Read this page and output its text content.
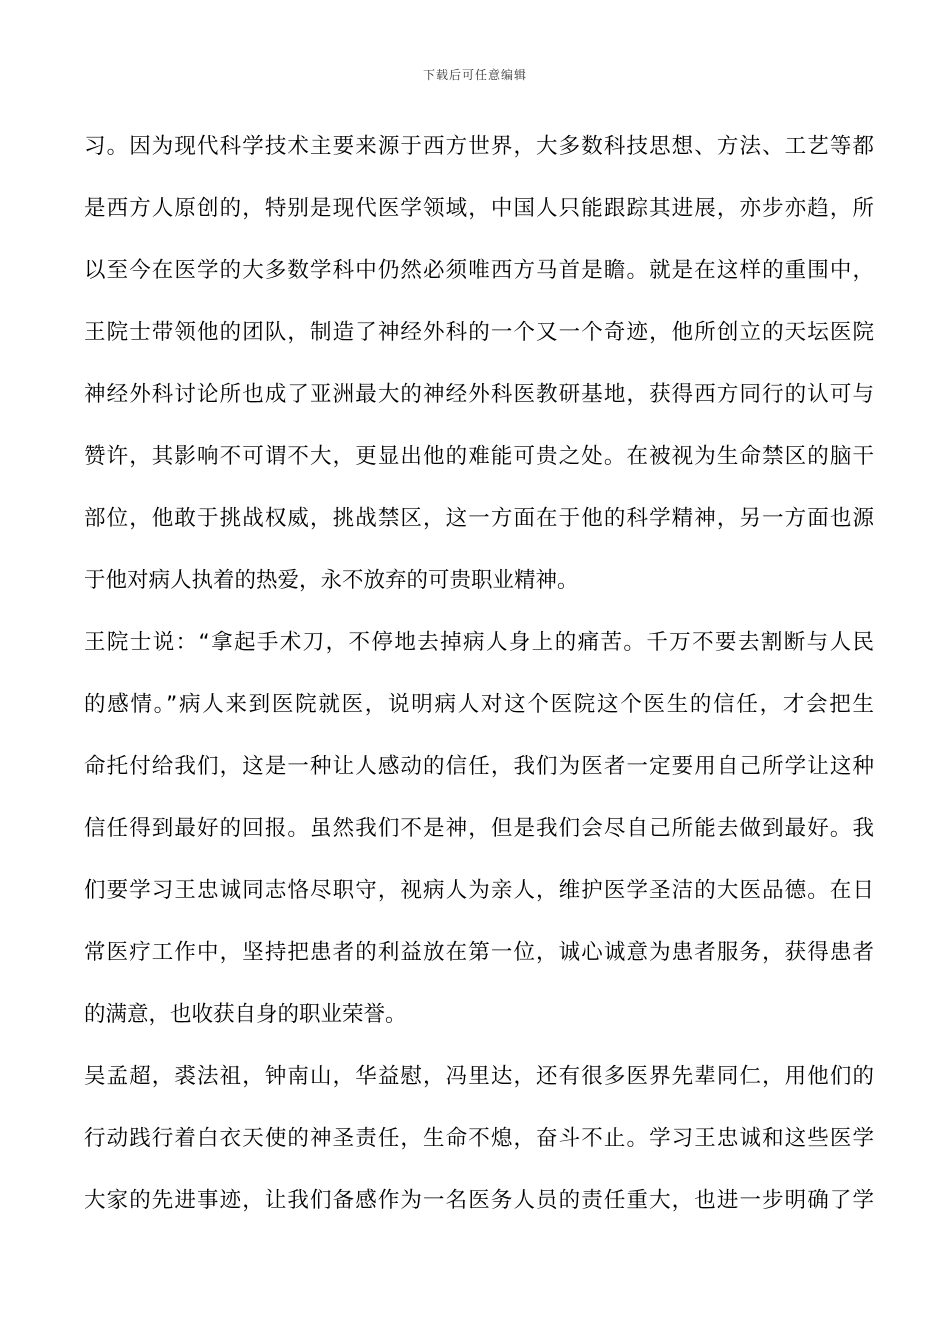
下载后可任意编辑
习。因为现代科学技术主要来源于西方世界，大多数科技思想、方法、工艺等都
是西方人原创的，特别是现代医学领域，中国人只能跟踪其进展，亦步亦趋，所
以至今在医学的大多数学科中仍然必须唯西方马首是瞻。就是在这样的重围中，
王院士带领他的团队，制造了神经外科的一个又一个奇迹，他所创立的天坛医院
神经外科讨论所也成了亚洲最大的神经外科医教研基地，获得西方同行的认可与
赞许，其影响不可谓不大，更显出他的难能可贵之处。在被视为生命禁区的脑干
部位，他敢于挑战权威，挑战禁区，这一方面在于他的科学精神，另一方面也源
于他对病人执着的热爱，永不放弃的可贵职业精神。
王院士说：“拿起手术刀，不停地去掉病人身上的痛苦。千万不要去割断与人民
的感情。”病人来到医院就医，说明病人对这个医院这个医生的信任，才会把生
命托付给我们，这是一种让人感动的信任，我们为医者一定要用自己所学让这种
信任得到最好的回报。虽然我们不是神，但是我们会尽自己所能去做到最好。我
们要学习王忠诚同志恪尽职守，视病人为亲人，维护医学圣洁的大医品德。在日
常医疗工作中，坚持把患者的利益放在第一位，诚心诚意为患者服务，获得患者
的满意，也收获自身的职业荣誉。
吴孟超，裘法祖，钟南山，华益慰，冯里达，还有很多医界先辈同仁，用他们的
行动践行着白衣天使的神圣责任，生命不熄，奋斗不止。学习王忠诚和这些医学
大家的先进事迹，让我们备感作为一名医务人员的责任重大，也进一步明确了学
